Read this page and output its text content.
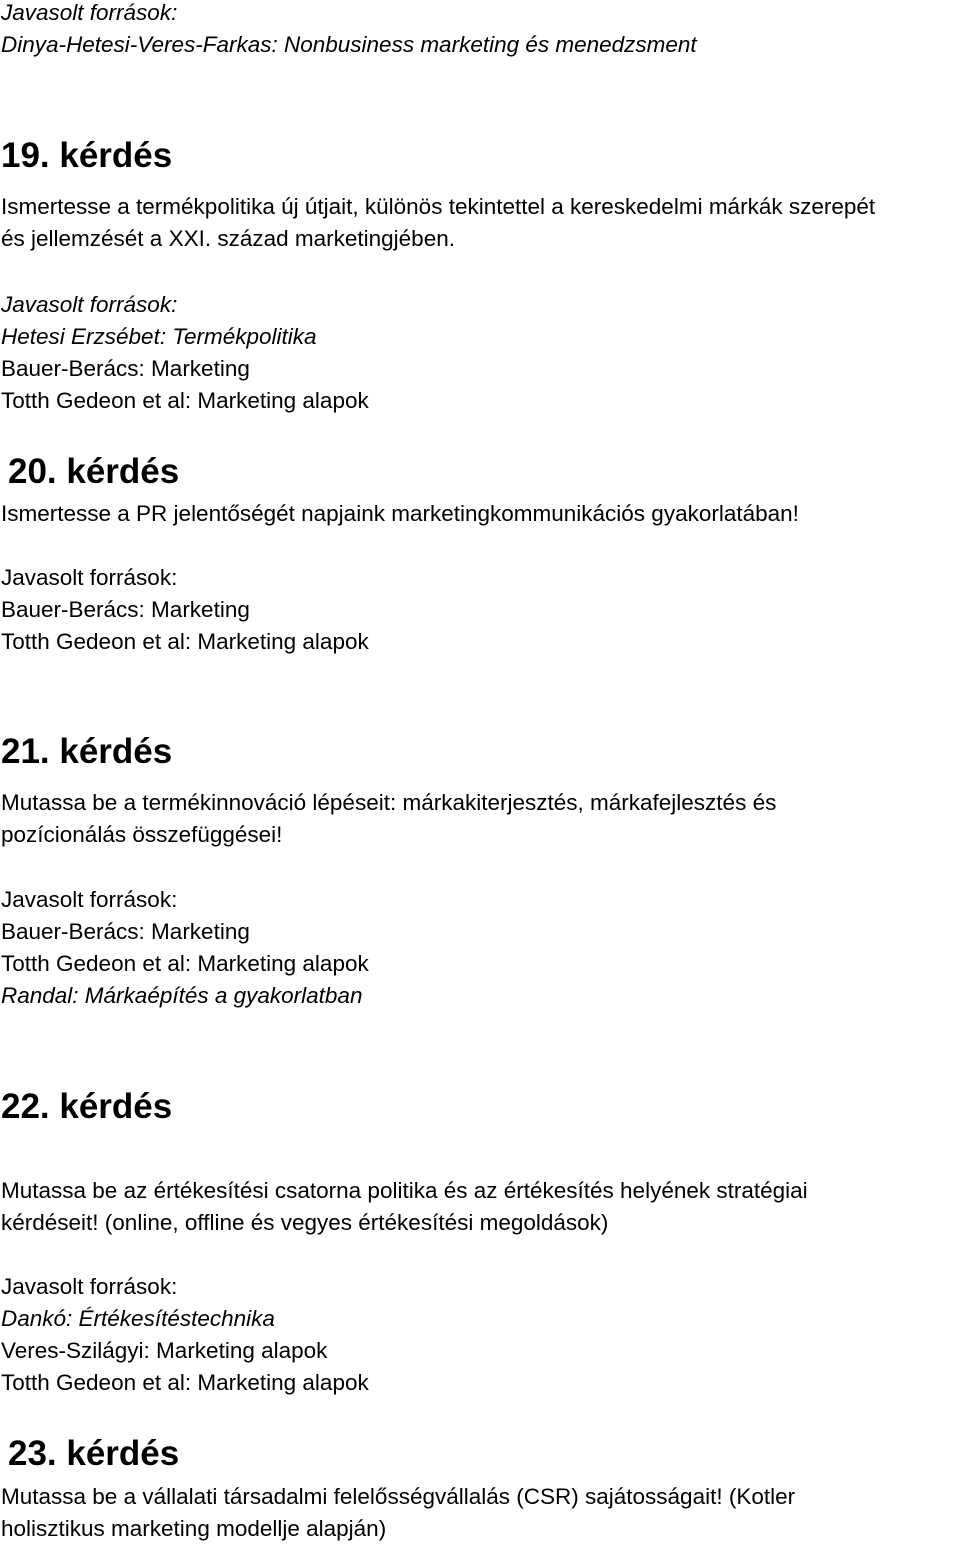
Javasolt források:
Dinya-Hetesi-Veres-Farkas: Nonbusiness marketing és menedzsment
19. kérdés
Ismertesse a termékpolitika új útjait, különös tekintettel a kereskedelmi márkák szerepét
és jellemzését a XXI. század marketingjében.
Javasolt források:
Hetesi Erzsébet: Termékpolitika
Bauer-Berács: Marketing
Totth Gedeon et al: Marketing alapok
20. kérdés
Ismertesse a PR jelentőségét napjaink marketingkommunikációs gyakorlatában!
Javasolt források:
Bauer-Berács: Marketing
Totth Gedeon et al: Marketing alapok
21. kérdés
Mutassa be a termékinnováció lépéseit: márkakiterjesztés, márkafejlesztés és
pozícionálás összefüggései!
Javasolt források:
Bauer-Berács: Marketing
Totth Gedeon et al: Marketing alapok
Randal: Márkaépítés a gyakorlatban
22. kérdés
Mutassa be az értékesítési csatorna politika és az értékesítés helyének stratégiai
kérdéseit! (online, offline és vegyes értékesítési megoldások)
Javasolt források:
Dankó: Értékesítéstechnika
Veres-Szilágyi: Marketing alapok
Totth Gedeon et al: Marketing alapok
23. kérdés
Mutassa be a vállalati társadalmi felelősségvállalás (CSR) sajátosságait! (Kotler
holisztikus marketing modellje alapján)
